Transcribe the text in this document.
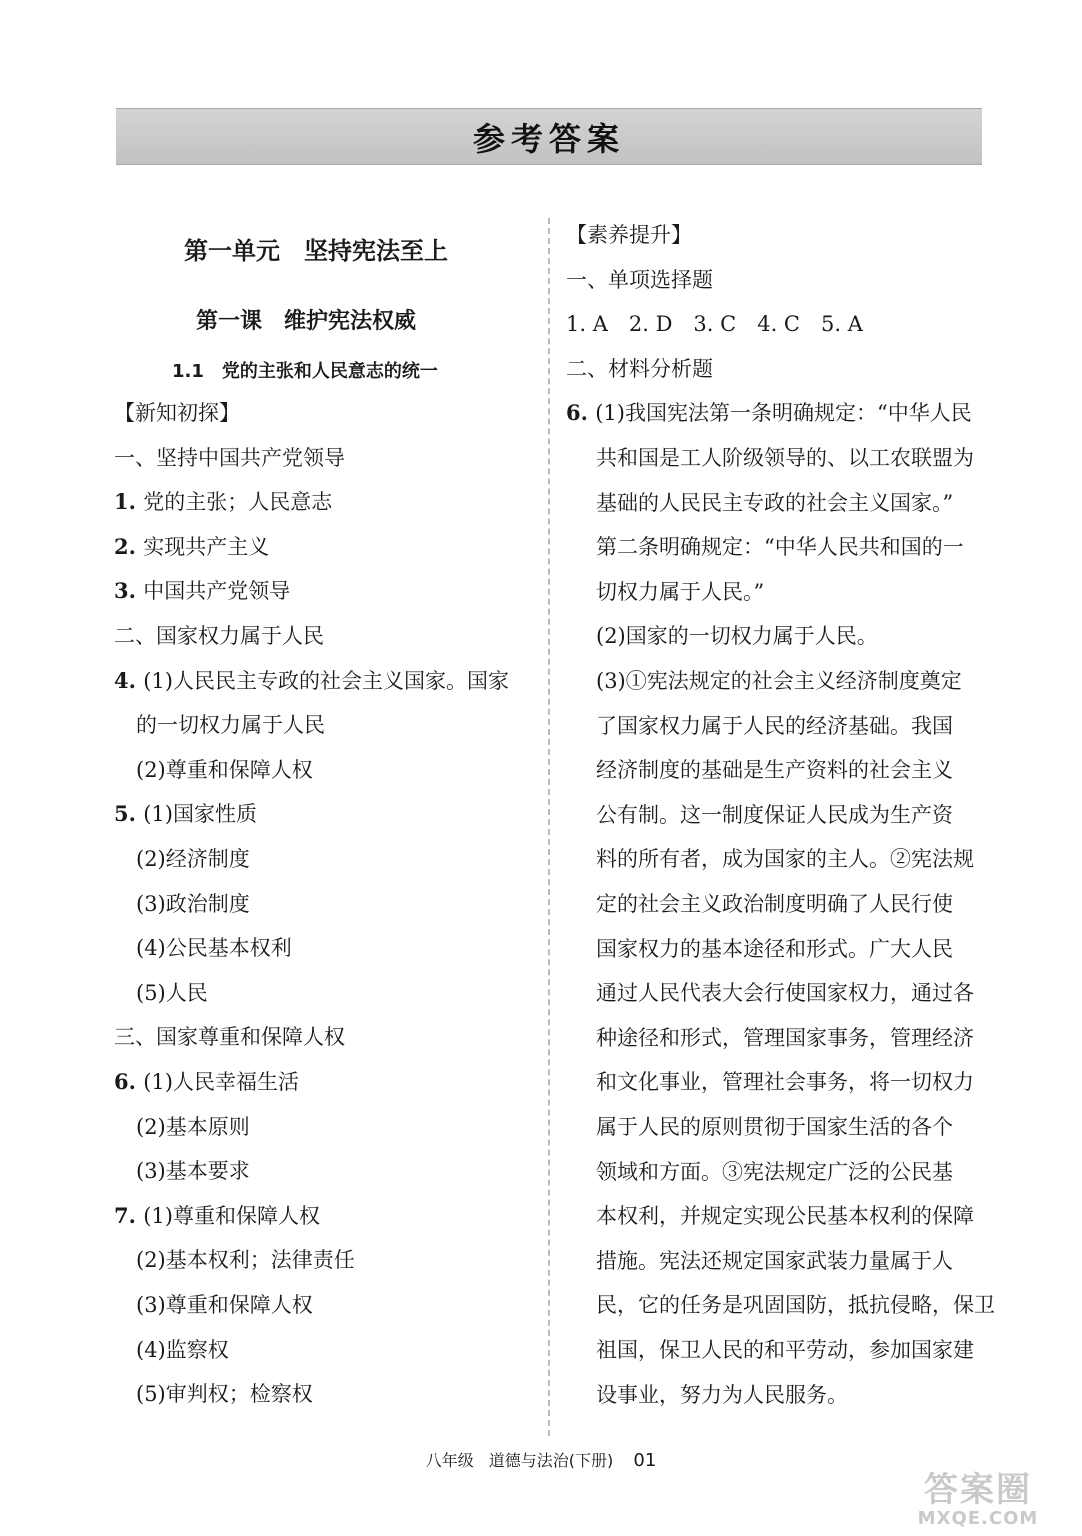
参考答案
第一单元　坚持宪法至上
第一课　维护宪法权威
1.1　党的主张和人民意志的统一
【新知初探】
一、坚持中国共产党领导
1. 党的主张；人民意志
2. 实现共产主义
3. 中国共产党领导
二、国家权力属于人民
4. (1)人民民主专政的社会主义国家。国家
的一切权力属于人民
(2)尊重和保障人权
5. (1)国家性质
(2)经济制度
(3)政治制度
(4)公民基本权利
(5)人民
三、国家尊重和保障人权
6. (1)人民幸福生活
(2)基本原则
(3)基本要求
7. (1)尊重和保障人权
(2)基本权利；法律责任
(3)尊重和保障人权
(4)监察权
(5)审判权；检察权
【素养提升】
一、单项选择题
1. A　2. D　3. C　4. C　5. A
二、材料分析题
6. (1)我国宪法第一条明确规定：“中华人民
共和国是工人阶级领导的、以工农联盟为
基础的人民民主专政的社会主义国家。”
第二条明确规定：“中华人民共和国的一
切权力属于人民。”
(2)国家的一切权力属于人民。
(3)①宪法规定的社会主义经济制度奠定
了国家权力属于人民的经济基础。我国
经济制度的基础是生产资料的社会主义
公有制。这一制度保证人民成为生产资
料的所有者，成为国家的主人。②宪法规
定的社会主义政治制度明确了人民行使
国家权力的基本途径和形式。广大人民
通过人民代表大会行使国家权力，通过各
种途径和形式，管理国家事务，管理经济
和文化事业，管理社会事务，将一切权力
属于人民的原则贯彻于国家生活的各个
领域和方面。③宪法规定广泛的公民基
本权利，并规定实现公民基本权利的保障
措施。宪法还规定国家武装力量属于人
民，它的任务是巩固国防，抵抗侵略，保卫
祖国，保卫人民的和平劳动，参加国家建
设事业，努力为人民服务。
八年级 道德与法治(下册) 01
答案圈
MXQE.COM
